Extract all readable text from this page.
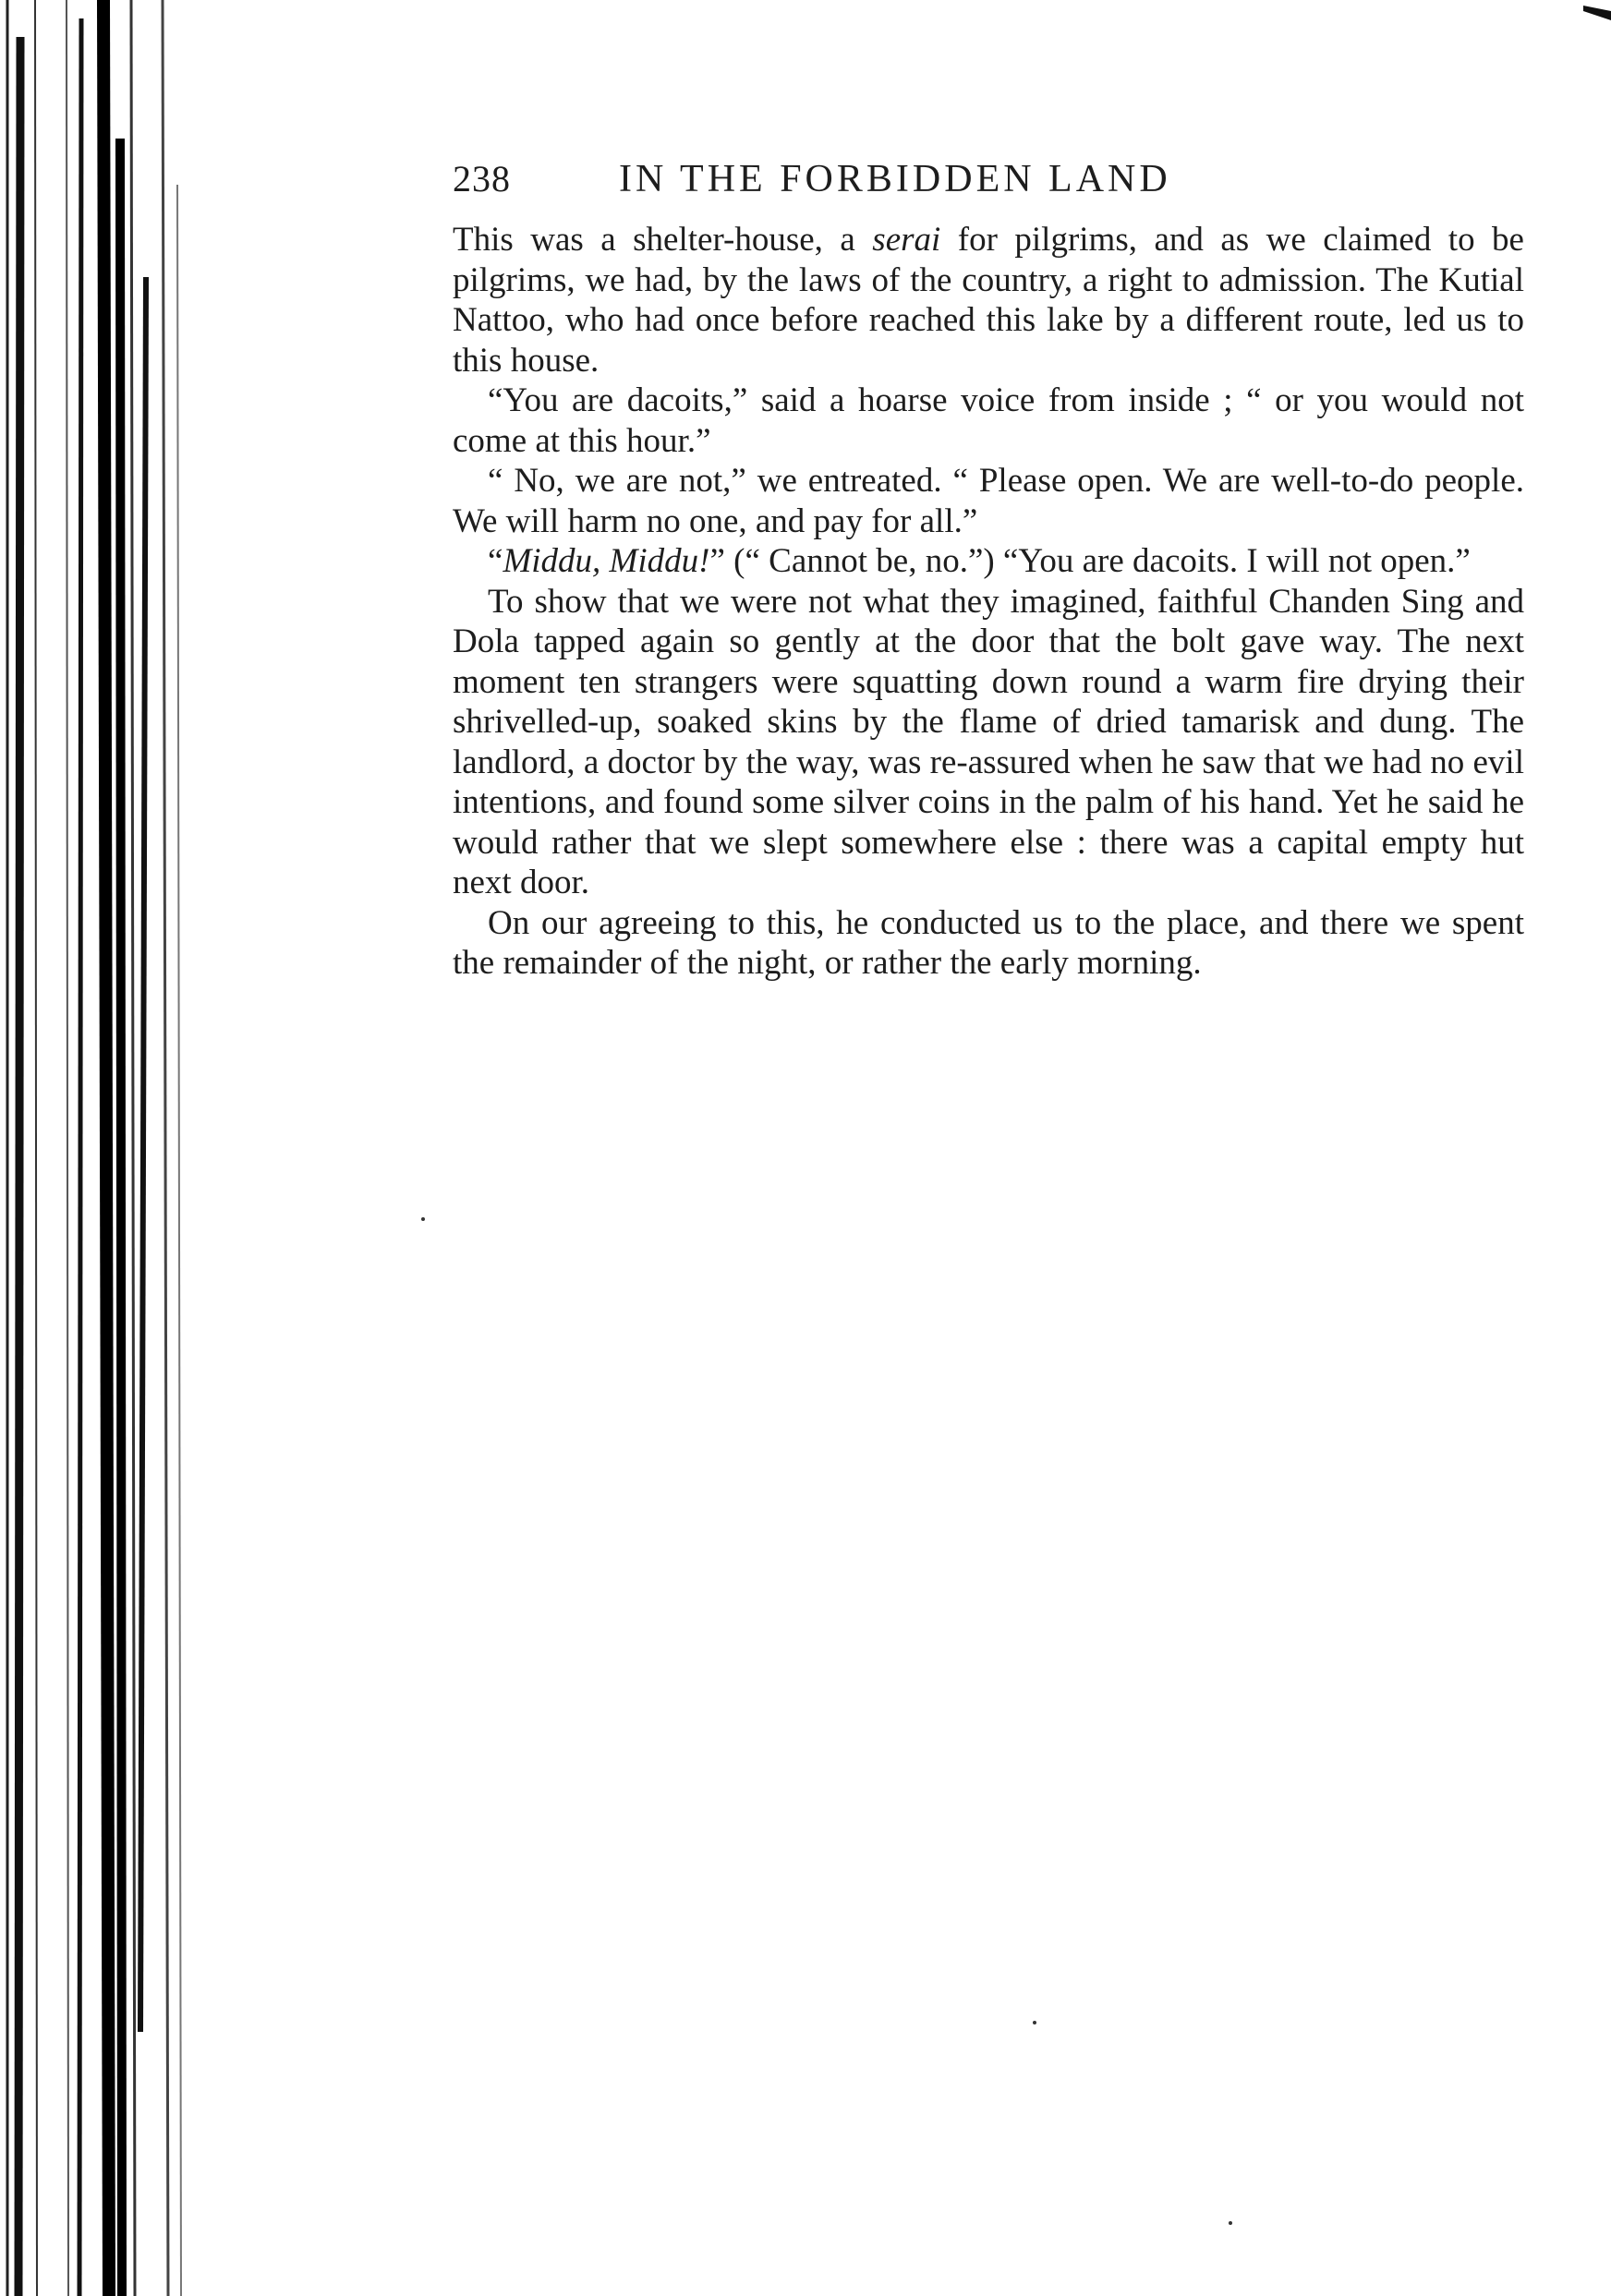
238	IN THE FORBIDDEN LAND

This was a shelter-house, a serai for pilgrims, and as we claimed to be pilgrims, we had, by the laws of the country, a right to admission. The Kutial Nattoo, who had once before reached this lake by a different route, led us to this house.

“You are dacoits,” said a hoarse voice from inside ; “ or you would not come at this hour.”

“ No, we are not,” we entreated. “ Please open. We are well-to-do people. We will harm no one, and pay for all.”

“Middu, Middu!” (“ Cannot be, no.”) “You are dacoits. I will not open.”

To show that we were not what they imagined, faithful Chanden Sing and Dola tapped again so gently at the door that the bolt gave way. The next moment ten strangers were squatting down round a warm fire drying their shrivelled-up, soaked skins by the flame of dried tamarisk and dung. The landlord, a doctor by the way, was re-assured when he saw that we had no evil intentions, and found some silver coins in the palm of his hand. Yet he said he would rather that we slept somewhere else : there was a capital empty hut next door.

On our agreeing to this, he conducted us to the place, and there we spent the remainder of the night, or rather the early morning.
